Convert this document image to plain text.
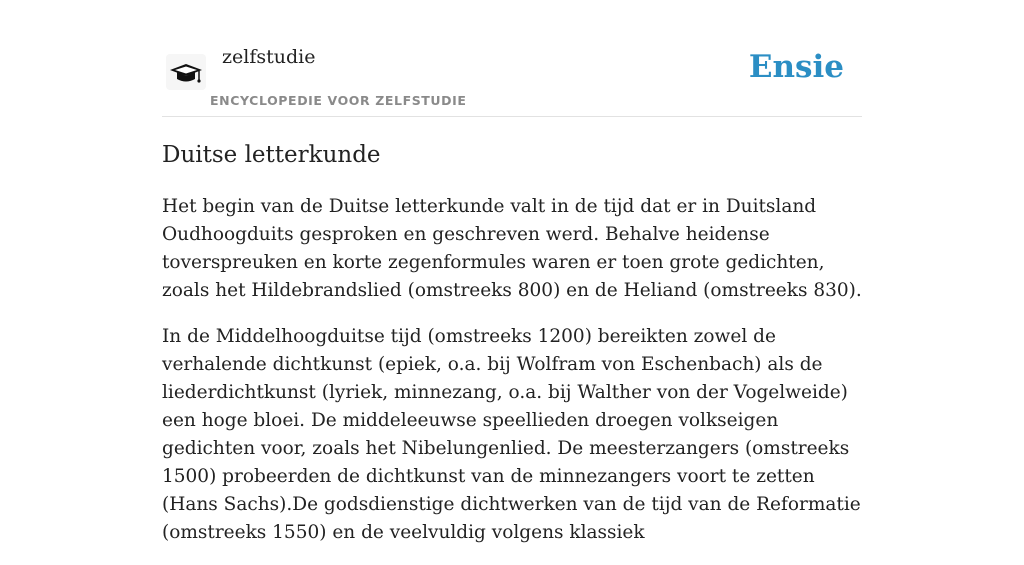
zelfstudie
ENCYCLOPEDIE VOOR ZELFSTUDIE
Ensie
Duitse letterkunde

Het begin van de Duitse letterkunde valt in de tijd dat er in Duitsland Oudhoogduits gesproken en geschreven werd. Behalve heidense toverspreuken en korte zegenformules waren er toen grote gedichten, zoals het Hildebrandslied (omstreeks 800) en de Heliand (omstreeks 830).

In de Middelhoogduitse tijd (omstreeks 1200) bereikten zowel de verhalende dichtkunst (epiek, o.a. bij Wolfram von Eschenbach) als de liederdichtkunst (lyriek, minnezang, o.a. bij Walther von der Vogelweide) een hoge bloei. De middeleeuwse speellieden droegen volkseigen gedichten voor, zoals het Nibelungenlied. De meesterzangers (omstreeks 1500) probeerden de dichtkunst van de minnezangers voort te zetten (Hans Sachs).De godsdienstige dichtwerken van de tijd van de Reformatie (omstreeks 1550) en de veelvuldig volgens klassiek
